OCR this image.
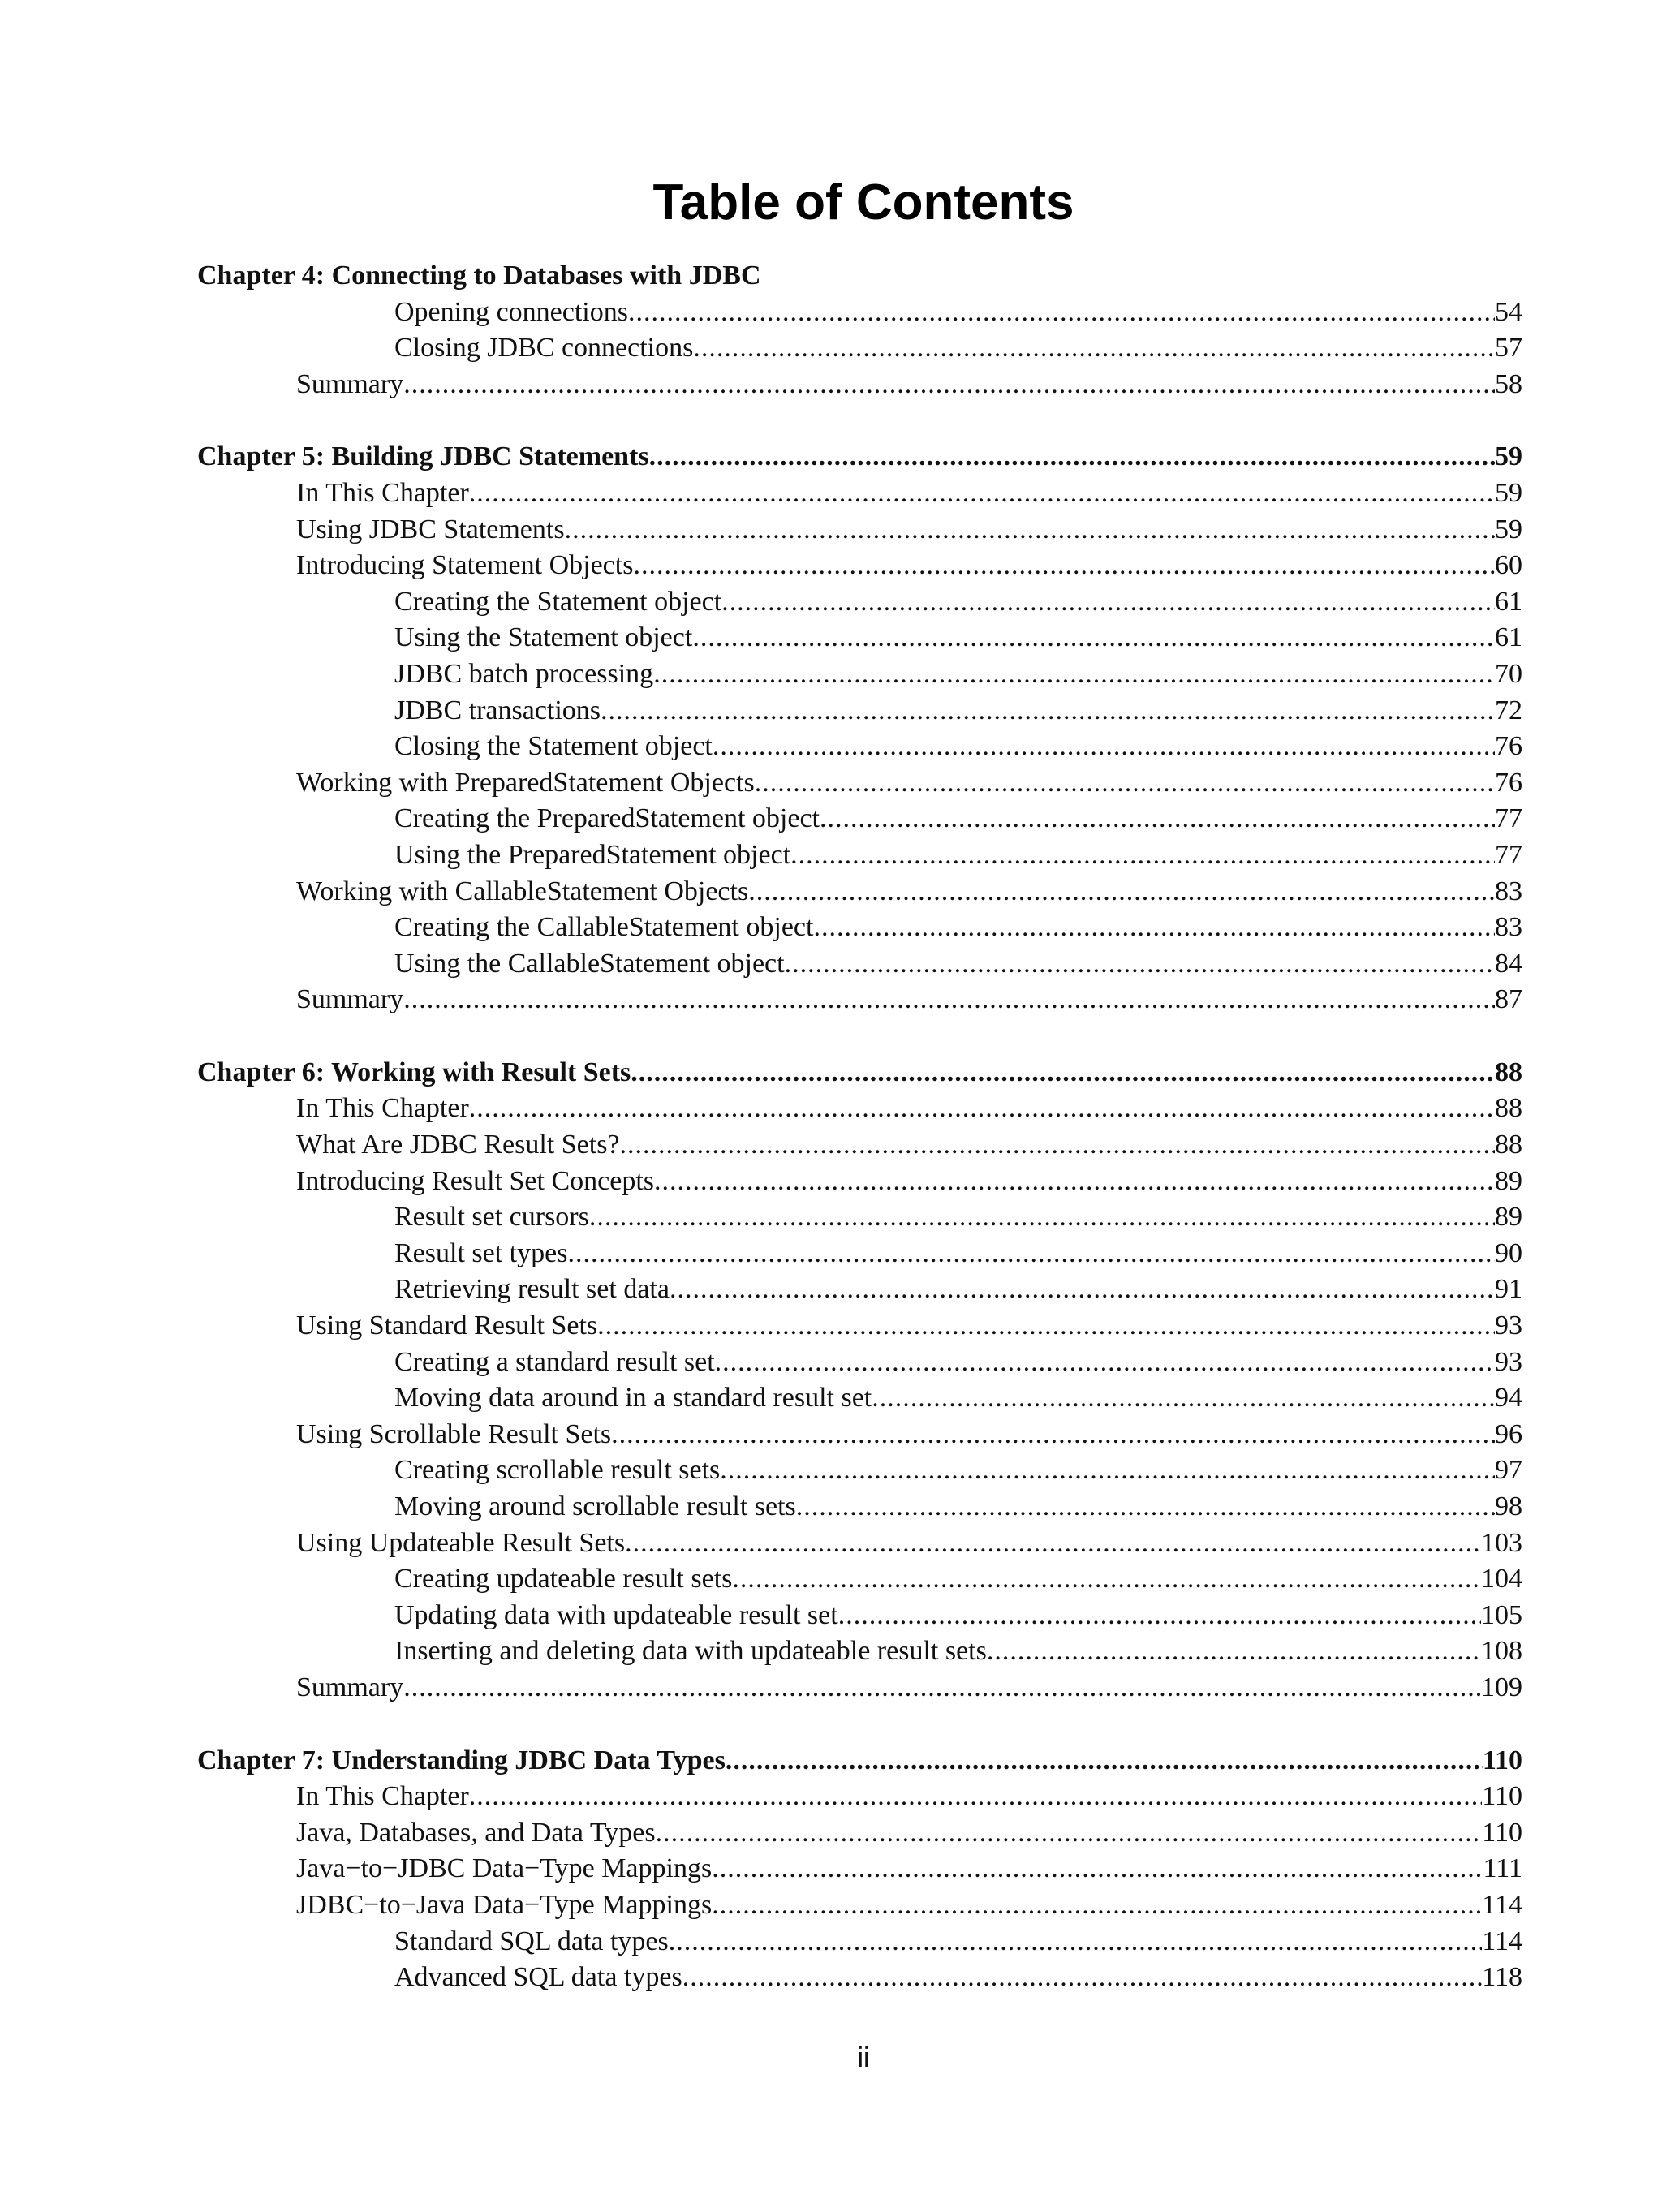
Table of Contents
Chapter 4: Connecting to Databases with JDBC
Opening connections .....	54
Closing JDBC connections .....	57
Summary .....	58
Chapter 5: Building JDBC Statements .....	59
In This Chapter .....	59
Using JDBC Statements .....	59
Introducing Statement Objects .....	60
Creating the Statement object .....	61
Using the Statement object .....	61
JDBC batch processing .....	70
JDBC transactions .....	72
Closing the Statement object .....	76
Working with PreparedStatement Objects .....	76
Creating the PreparedStatement object .....	77
Using the PreparedStatement object .....	77
Working with CallableStatement Objects .....	83
Creating the CallableStatement object .....	83
Using the CallableStatement object .....	84
Summary .....	87
Chapter 6: Working with Result Sets .....	88
In This Chapter .....	88
What Are JDBC Result Sets? .....	88
Introducing Result Set Concepts .....	89
Result set cursors .....	89
Result set types .....	90
Retrieving result set data .....	91
Using Standard Result Sets .....	93
Creating a standard result set .....	93
Moving data around in a standard result set .....	94
Using Scrollable Result Sets .....	96
Creating scrollable result sets .....	97
Moving around scrollable result sets .....	98
Using Updateable Result Sets .....	103
Creating updateable result sets .....	104
Updating data with updateable result set .....	105
Inserting and deleting data with updateable result sets .....	108
Summary .....	109
Chapter 7: Understanding JDBC Data Types .....	110
In This Chapter .....	110
Java, Databases, and Data Types .....	110
Java−to−JDBC Data−Type Mappings .....	111
JDBC−to−Java Data−Type Mappings .....	114
Standard SQL data types .....	114
Advanced SQL data types .....	118
ii
